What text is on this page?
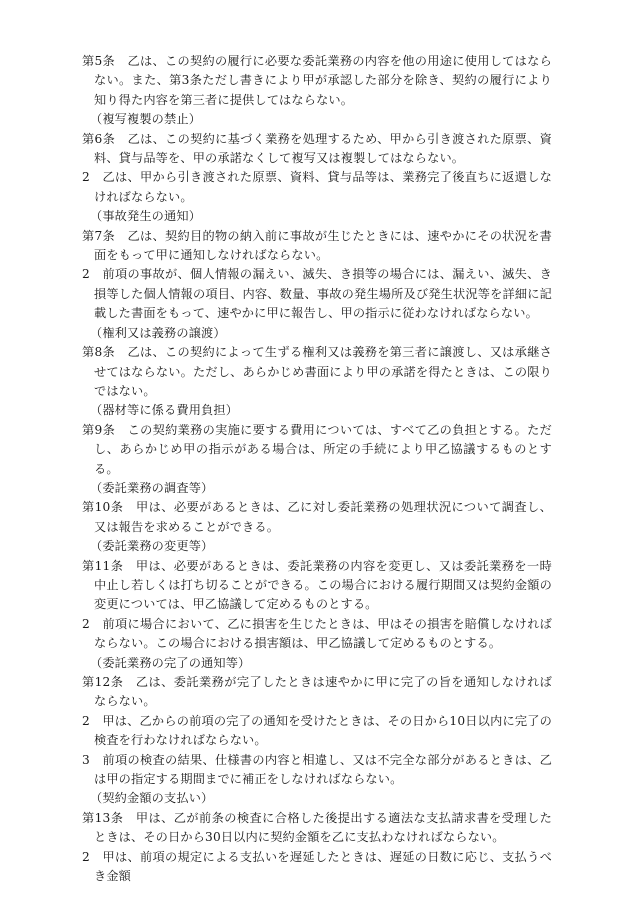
第5条　乙は、この契約の履行に必要な委託業務の内容を他の用途に使用してはならない。また、第3条ただし書きにより甲が承認した部分を除き、契約の履行により知り得た内容を第三者に提供してはならない。
（複写複製の禁止）
第6条　乙は、この契約に基づく業務を処理するため、甲から引き渡された原票、資料、貸与品等を、甲の承諾なくして複写又は複製してはならない。
2　乙は、甲から引き渡された原票、資料、貸与品等は、業務完了後直ちに返還しなければならない。
（事故発生の通知）
第7条　乙は、契約目的物の納入前に事故が生じたときには、速やかにその状況を書面をもって甲に通知しなければならない。
2　前項の事故が、個人情報の漏えい、滅失、き損等の場合には、漏えい、滅失、き損等した個人情報の項目、内容、数量、事故の発生場所及び発生状況等を詳細に記載した書面をもって、速やかに甲に報告し、甲の指示に従わなければならない。
（権利又は義務の譲渡）
第8条　乙は、この契約によって生ずる権利又は義務を第三者に譲渡し、又は承継させてはならない。ただし、あらかじめ書面により甲の承諾を得たときは、この限りではない。
（器材等に係る費用負担）
第9条　この契約業務の実施に要する費用については、すべて乙の負担とする。ただし、あらかじめ甲の指示がある場合は、所定の手続により甲乙協議するものとする。
（委託業務の調査等）
第10条　甲は、必要があるときは、乙に対し委託業務の処理状況について調査し、又は報告を求めることができる。
（委託業務の変更等）
第11条　甲は、必要があるときは、委託業務の内容を変更し、又は委託業務を一時中止し若しくは打ち切ることができる。この場合における履行期間又は契約金額の変更については、甲乙協議して定めるものとする。
2　前項に場合において、乙に損害を生じたときは、甲はその損害を賠償しなければならない。この場合における損害額は、甲乙協議して定めるものとする。
（委託業務の完了の通知等）
第12条　乙は、委託業務が完了したときは速やかに甲に完了の旨を通知しなければならない。
2　甲は、乙からの前項の完了の通知を受けたときは、その日から10日以内に完了の検査を行わなければならない。
3　前項の検査の結果、仕様書の内容と相違し、又は不完全な部分があるときは、乙は甲の指定する期間までに補正をしなければならない。
（契約金額の支払い）
第13条　甲は、乙が前条の検査に合格した後提出する適法な支払請求書を受理したときは、その日から30日以内に契約金額を乙に支払わなければならない。
2　甲は、前項の規定による支払いを遅延したときは、遅延の日数に応じ、支払うべき金額
